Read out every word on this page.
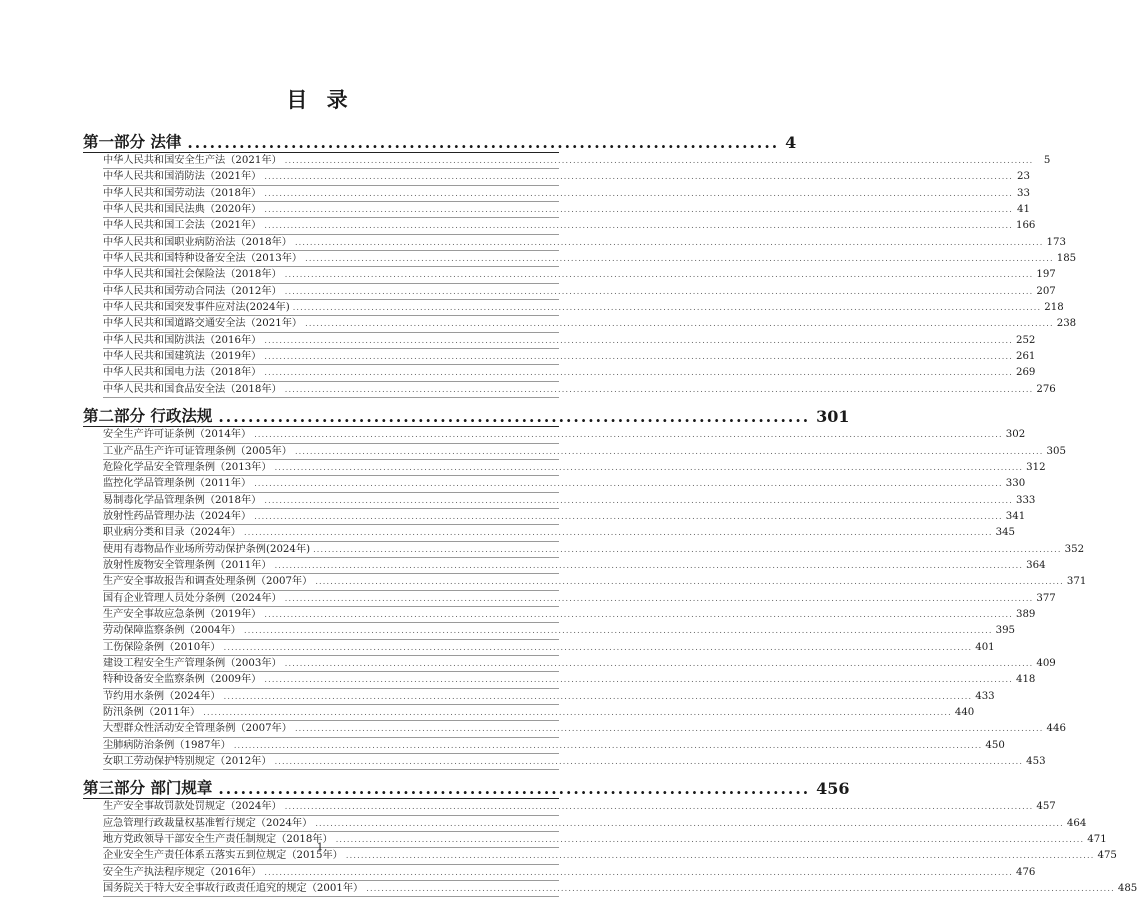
目 录
第一部分 法律 ................................................................................ 4
中华人民共和国安全生产法（2021年） ........................................................................................................................................................................................................	5
中华人民共和国消防法（2021年） ........................................................................................................................................................................................................ 23
中华人民共和国劳动法（2018年） ........................................................................................................................................................................................................ 33
中华人民共和国民法典（2020年） ........................................................................................................................................................................................................ 41
中华人民共和国工会法（2021年） ........................................................................................................................................................................................................ 166
中华人民共和国职业病防治法（2018年） ........................................................................................................................................................................................................ 173
中华人民共和国特种设备安全法（2013年） ........................................................................................................................................................................................................ 185
中华人民共和国社会保险法（2018年） ........................................................................................................................................................................................................ 197
中华人民共和国劳动合同法（2012年） ........................................................................................................................................................................................................ 207
中华人民共和国突发事件应对法(2024年) ........................................................................................................................................................................................................ 218
中华人民共和国道路交通安全法（2021年） ........................................................................................................................................................................................................ 238
中华人民共和国防洪法（2016年） ........................................................................................................................................................................................................ 252
中华人民共和国建筑法（2019年） ........................................................................................................................................................................................................ 261
中华人民共和国电力法（2018年） ........................................................................................................................................................................................................ 269
中华人民共和国食品安全法（2018年） ........................................................................................................................................................................................................ 276
第二部分 行政法规 ................................................................................ 301
安全生产许可证条例（2014年） ........................................................................................................................................................................................................ 302
工业产品生产许可证管理条例（2005年） ........................................................................................................................................................................................................ 305
危险化学品安全管理条例（2013年） ........................................................................................................................................................................................................ 312
监控化学品管理条例（2011年） ........................................................................................................................................................................................................ 330
易制毒化学品管理条例（2018年） ........................................................................................................................................................................................................ 333
放射性药品管理办法（2024年） ........................................................................................................................................................................................................ 341
职业病分类和目录（2024年） ........................................................................................................................................................................................................ 345
使用有毒物品作业场所劳动保护条例(2024年) ........................................................................................................................................................................................................ 352
放射性废物安全管理条例（2011年） ........................................................................................................................................................................................................ 364
生产安全事故报告和调查处理条例（2007年） ........................................................................................................................................................................................................ 371
国有企业管理人员处分条例（2024年） ........................................................................................................................................................................................................ 377
生产安全事故应急条例（2019年） ........................................................................................................................................................................................................ 389
劳动保障监察条例（2004年） ........................................................................................................................................................................................................ 395
工伤保险条例（2010年） ........................................................................................................................................................................................................ 401
建设工程安全生产管理条例（2003年） ........................................................................................................................................................................................................ 409
特种设备安全监察条例（2009年） ........................................................................................................................................................................................................ 418
节约用水条例（2024年） ........................................................................................................................................................................................................ 433
防汛条例（2011年） ........................................................................................................................................................................................................ 440
大型群众性活动安全管理条例（2007年） ........................................................................................................................................................................................................ 446
尘肺病防治条例（1987年） ........................................................................................................................................................................................................ 450
女职工劳动保护特别规定（2012年） ........................................................................................................................................................................................................ 453
第三部分 部门规章 ................................................................................ 456
生产安全事故罚款处罚规定（2024年） ........................................................................................................................................................................................................ 457
应急管理行政裁量权基准暂行规定（2024年） ........................................................................................................................................................................................................ 464
地方党政领导干部安全生产责任制规定（2018年） ........................................................................................................................................................................................................ 471
企业安全生产责任体系五落实五到位规定（2015年） ........................................................................................................................................................................................................ 475
安全生产执法程序规定（2016年） ........................................................................................................................................................................................................ 476
国务院关于特大安全事故行政责任追究的规定（2001年） ........................................................................................................................................................................................................ 485
1
